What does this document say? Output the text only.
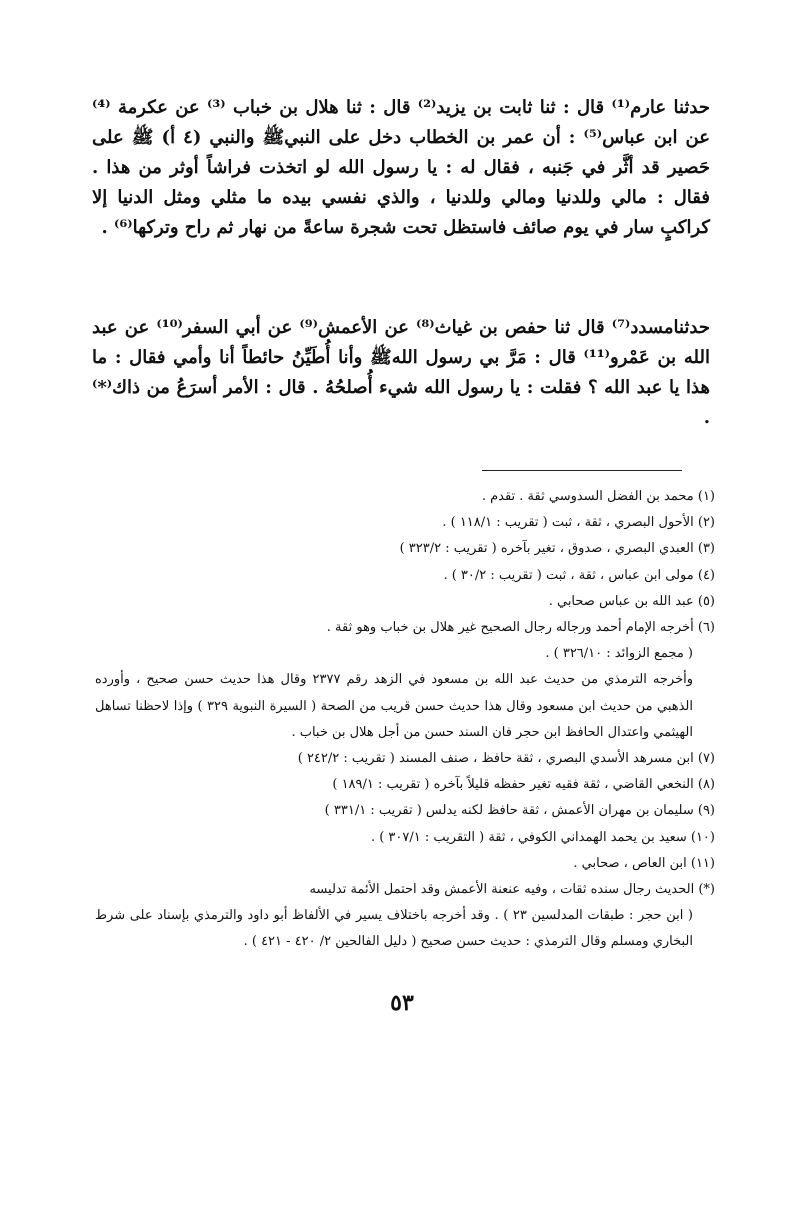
حدثنا عارم⁽¹⁾ قال : ثنا ثابت بن يزيد⁽²⁾ قال : ثنا هلال بن خباب ⁽³⁾ عن عكرمة ⁽⁴⁾ عن ابن عباس⁽⁵⁾ : أن عمر بن الخطاب دخل على النبيﷺ والنبي (٤ أ) ﷺ على حَصير قد أثَّر في جَنبه ، فقال له : يا رسول الله لو اتخذت فراشاً أوثر من هذا . فقال : مالي وللدنيا ومالي وللدنيا ، والذي نفسي بيده ما مثلي ومثل الدنيا إلا كراكبٍ سار في يوم صائف فاستظل تحت شجرة ساعةً من نهار ثم راح وتركها⁽⁶⁾ .

حدثنامسدد⁽⁷⁾ قال ثنا حفص بن غياث⁽⁸⁾ عن الأعمش⁽⁹⁾ عن أبي السفر⁽¹⁰⁾ عن عبد الله بن عَمْرو⁽¹¹⁾ قال : مَرَّ بي رسول اللهﷺ وأنا أُطَيِّنُ حائطاً أنا وأمي فقال : ما هذا يا عبد الله ؟ فقلت : يا رسول الله شيء أُصلحُهُ . قال : الأمر أسرَعُ من ذاك⁽*⁾ .

(١) محمد بن الفضل السدوسي ثقة . تقدم .
(٢) الأحول البصري ، ثقة ، ثبت ( تقريب : ١١٨/١ ) .
(٣) العبدي البصري ، صدوق ، تغير بآخره ( تقريب : ٣٢٣/٢ )
(٤) مولى ابن عباس ، ثقة ، ثبت ( تقريب : ٣٠/٢ ) .
(٥) عبد الله بن عباس صحابي .
(٦) أخرجه الإمام أحمد ورجاله رجال الصحيح غير هلال بن خباب وهو ثقة .
( مجمع الزوائد : ٣٢٦/١٠ ) .
وأخرجه الترمذي من حديث عبد الله بن مسعود في الزهد رقم ٢٣٧٧ وقال هذا حديث حسن صحيح ، وأورده الذهبي من حديث ابن مسعود وقال هذا حديث حسن قريب من الصحة ( السيرة النبوية ٣٢٩ ) وإذا لاحظنا تساهل الهيثمي واعتدال الحافظ ابن حجر فان السند حسن من أجل هلال بن خباب .
(٧) ابن مسرهد الأسدي البصري ، ثقة حافظ ، صنف المسند ( تقريب : ٢٤٢/٢ )
(٨) النخعي القاضي ، ثقة فقيه تغير حفظه قليلاً بآخره ( تقريب : ١٨٩/١ )
(٩) سليمان بن مهران الأعمش ، ثقة حافظ لكنه يدلس ( تقريب : ٣٣١/١ )
(١٠) سعيد بن يحمد الهمداني الكوفي ، ثقة ( التقريب : ٣٠٧/١ ) .
(١١) ابن العاص ، صحابي .
(*) الحديث رجال سنده ثقات ، وفيه عنعنة الأعمش وقد احتمل الأئمة تدليسه
( ابن حجر : طبقات المدلسين ٢٣ ) . وقد أخرجه باختلاف يسير في الألفاظ أبو داود والترمذي بإسناد على شرط البخاري ومسلم وقال الترمذي : حديث حسن صحيح ( دليل الفالحين ٢/ ٤٢٠ - ٤٢١ ) .
٥٣
